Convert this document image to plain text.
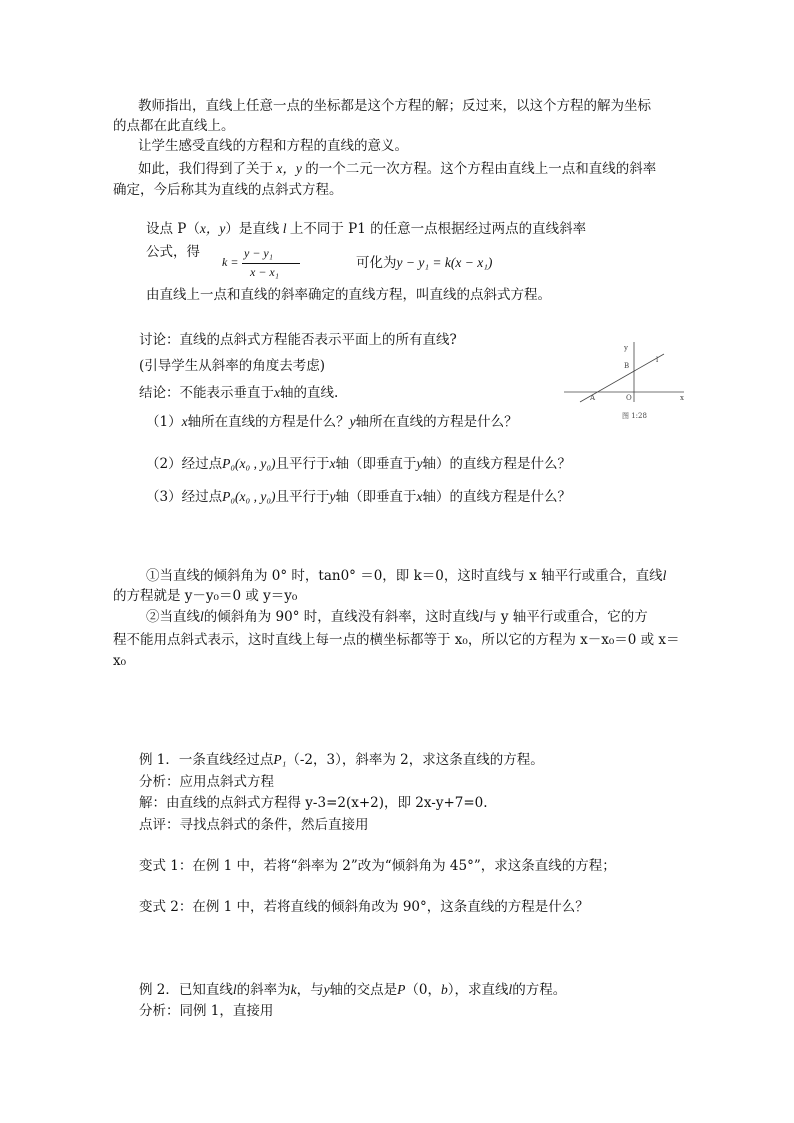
教师指出，直线上任意一点的坐标都是这个方程的解；反过来，以这个方程的解为坐标
的点都在此直线上。
让学生感受直线的方程和方程的直线的意义。
如此，我们得到了关于 x，y 的一个二元一次方程。这个方程由直线上一点和直线的斜率
确定，今后称其为直线的点斜式方程。
设点 P（x，y）是直线 l 上不同于 P1 的任意一点根据经过两点的直线斜率
公式，得
k =
y − y₁
x − x₁
可化为y − y₁ = k(x − x₁)
由直线上一点和直线的斜率确定的直线方程，叫直线的点斜式方程。
讨论：直线的点斜式方程能否表示平面上的所有直线?
(引导学生从斜率的角度去考虑)
结论：不能表示垂直于x轴的直线.
（1）x轴所在直线的方程是什么？y轴所在直线的方程是什么？
（2）经过点P₀(x₀ , y₀)且平行于x轴（即垂直于y轴）的直线方程是什么？
（3）经过点P₀(x₀ , y₀)且平行于y轴（即垂直于x轴）的直线方程是什么？
y
x
B
A	O
l
图 1:28
①当直线的倾斜角为 0° 时，tan0° ＝0，即 k＝0，这时直线与 x 轴平行或重合，直线l
的方程就是 y－y₀＝0 或 y＝y₀
②当直线l的倾斜角为 90° 时，直线没有斜率，这时直线l与 y 轴平行或重合，它的方
程不能用点斜式表示，这时直线上每一点的横坐标都等于 x₀，所以它的方程为 x－x₀＝0 或 x＝
x₀
例 1．一条直线经过点P₁（-2，3），斜率为 2，求这条直线的方程。
分析：应用点斜式方程
解：由直线的点斜式方程得 y-3=2(x+2)，即 2x-y+7=0.
点评：寻找点斜式的条件，然后直接用
变式 1：在例 1 中，若将“斜率为 2”改为“倾斜角为 45°”，求这条直线的方程；
变式 2：在例 1 中，若将直线的倾斜角改为 90°，这条直线的方程是什么？
例 2．已知直线l的斜率为k，与y轴的交点是P（0，b），求直线l的方程。
分析：同例 1，直接用
